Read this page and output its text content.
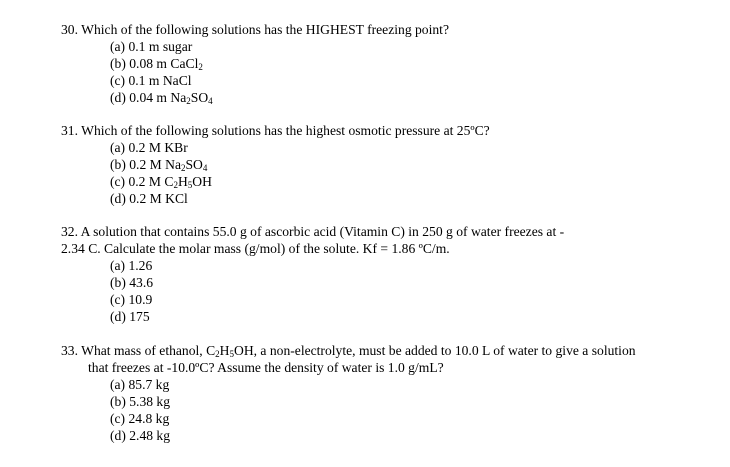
30. Which of the following solutions has the HIGHEST freezing point?
(a) 0.1 m sugar
(b) 0.08 m CaCl$_2$
(c) 0.1 m NaCl
(d) 0.04 m $Na_2SO_4$
31. Which of the following solutions has the highest osmotic pressure at 25ºC?
(a) 0.2 M KBr
(b) 0.2 M $Na_2SO_4$
(c) 0.2 M $C_2H_5OH$
(d) 0.2 M KCl
32. A solution that contains 55.0 g of ascorbic acid (Vitamin C) in 250 g of water freezes at -
2.34 C. Calculate the molar mass (g/mol) of the solute. Kf = 1.86 ºC/m.
(a) 1.26
(b) 43.6
(c) 10.9
(d) 175
33. What mass of ethanol, $C_2H_5OH$, a non-electrolyte, must be added to 10.0 L of water to give a solution
that freezes at -10.0ºC? Assume the density of water is 1.0 g/mL?
(a) 85.7 kg
(b) 5.38 kg
(c) 24.8 kg
(d) 2.48 kg
